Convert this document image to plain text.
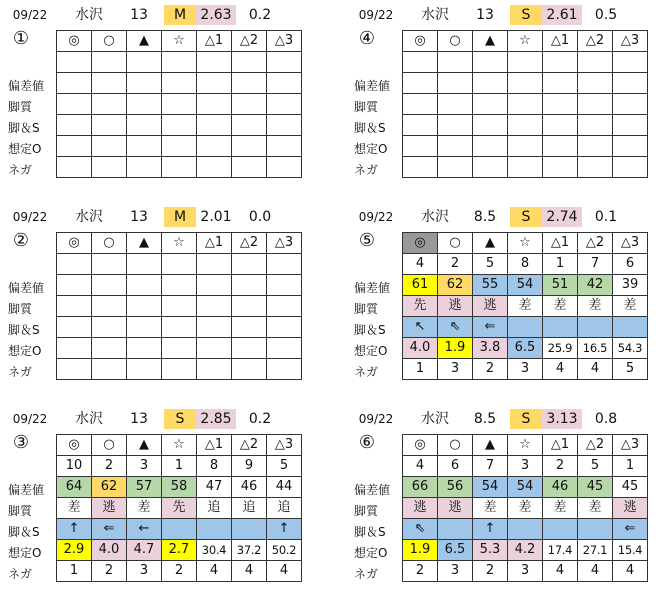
09/22	水沢	13	M	2.63	0.2
①
偏差値
脚質
脚＆S
想定O
ネガ
◎	○	▲	☆	△1	△2	△3

09/22	水沢	13	S	2.61	0.5
④
偏差値
脚質
脚＆S
想定O
ネガ
◎	○	▲	☆	△1	△2	△3

09/22	水沢	13	M	2.01	0.0
②
偏差値
脚質
脚＆S
想定O
ネガ
◎	○	▲	☆	△1	△2	△3

09/22	水沢	8.5	S	2.74	0.1
⑤
偏差値
脚質
脚＆S
想定O
ネガ
◎	○	▲	☆	△1	△2	△3
4	2	5	8	1	7	6
61	62	55	54	51	42	39
先	逃	逃	差	差	差	差
↖	⇖	⇐				
4.0	1.9	3.8	6.5	25.9	16.5	54.3
1	3	2	3	4	4	5
09/22	水沢	13	S	2.85	0.2
③
偏差値
脚質
脚＆S
想定O
ネガ
◎	○	▲	☆	△1	△2	△3
10	2	3	1	8	9	5
64	62	57	58	47	46	44
差	逃	差	先	追	追	追
↑	⇐	←				↑
2.9	4.0	4.7	2.7	30.4	37.2	50.2
1	2	3	2	4	4	4
09/22	水沢	8.5	S	3.13	0.8
⑥
偏差値
脚質
脚＆S
想定O
ネガ
◎	○	▲	☆	△1	△2	△3
4	6	7	3	2	5	1
66	56	54	54	46	45	45
逃	逃	差	差	差	差	逃
⇖		↑				⇐
1.9	6.5	5.3	4.2	17.4	27.1	15.4
2	3	2	3	4	4	4
